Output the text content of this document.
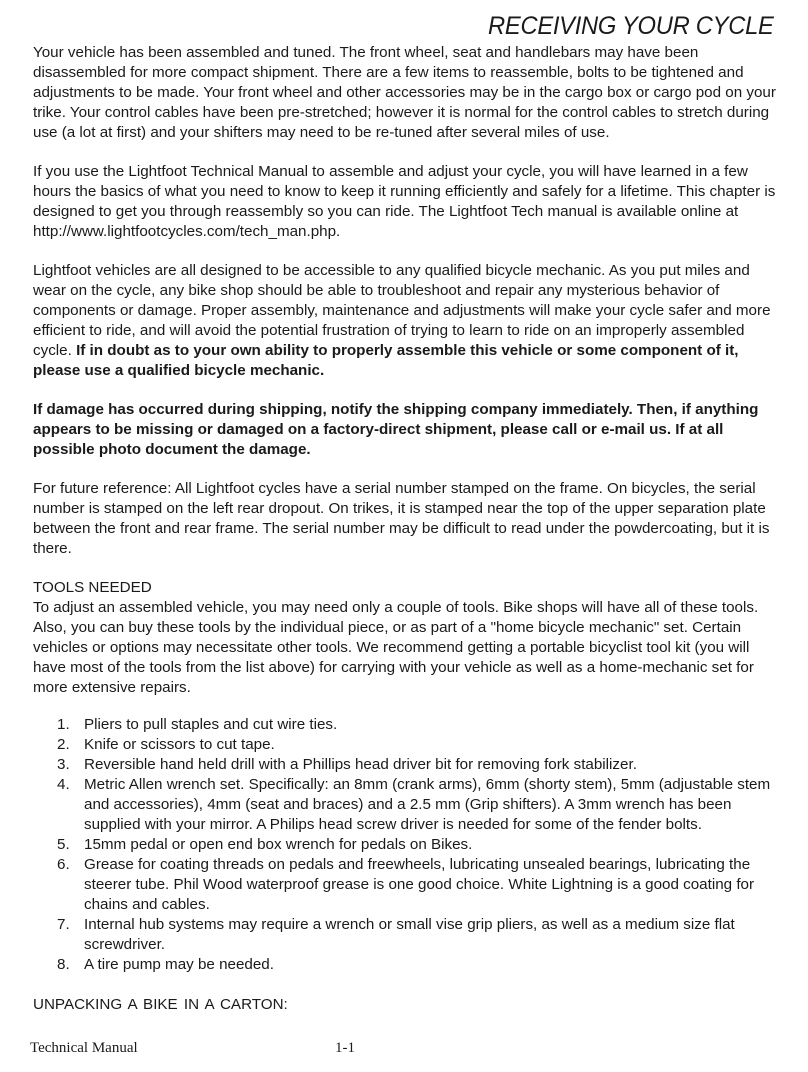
RECEIVING YOUR CYCLE

Your vehicle has been assembled and tuned. The front wheel, seat and handlebars may have been disassembled for more compact shipment. There are a few items to reassemble, bolts to be tightened and adjustments to be made. Your front wheel and other accessories may be in the cargo box or cargo pod on your trike. Your control cables have been pre-stretched; however it is normal for the control cables to stretch during use (a lot at first) and your shifters may need to be re-tuned after several miles of use.

If you use the Lightfoot Technical Manual to assemble and adjust your cycle, you will have learned in a few hours the basics of what you need to know to keep it running efficiently and safely for a lifetime. This chapter is designed to get you through reassembly so you can ride. The Lightfoot Tech manual is available online at http://www.lightfootcycles.com/tech_man.php.

Lightfoot vehicles are all designed to be accessible to any qualified bicycle mechanic. As you put miles and wear on the cycle, any bike shop should be able to troubleshoot and repair any mysterious behavior of components or damage. Proper assembly, maintenance and adjustments will make your cycle safer and more efficient to ride, and will avoid the potential frustration of trying to learn to ride on an improperly assembled cycle. If in doubt as to your own ability to properly assemble this vehicle or some component of it, please use a qualified bicycle mechanic.

If damage has occurred during shipping, notify the shipping company immediately. Then, if anything appears to be missing or damaged on a factory-direct shipment, please call or e-mail us. If at all possible photo document the damage.

For future reference: All Lightfoot cycles have a serial number stamped on the frame. On bicycles, the serial number is stamped on the left rear dropout. On trikes, it is stamped near the top of the upper separation plate between the front and rear frame. The serial number may be difficult to read under the powdercoating, but it is there.

TOOLS NEEDED
To adjust an assembled vehicle, you may need only a couple of tools. Bike shops will have all of these tools. Also, you can buy these tools by the individual piece, or as part of a "home bicycle mechanic" set. Certain vehicles or options may necessitate other tools. We recommend getting a portable bicyclist tool kit (you will have most of the tools from the list above) for carrying with your vehicle as well as a home-mechanic set for more extensive repairs.
1. Pliers to pull staples and cut wire ties.
2. Knife or scissors to cut tape.
3. Reversible hand held drill with a Phillips head driver bit for removing fork stabilizer.
4. Metric Allen wrench set. Specifically: an 8mm (crank arms), 6mm (shorty stem), 5mm (adjustable stem and accessories), 4mm (seat and braces) and a 2.5 mm (Grip shifters). A 3mm wrench has been supplied with your mirror. A Philips head screw driver is needed for some of the fender bolts.
5. 15mm pedal or open end box wrench for pedals on Bikes.
6. Grease for coating threads on pedals and freewheels, lubricating unsealed bearings, lubricating the steerer tube. Phil Wood waterproof grease is one good choice. White Lightning is a good coating for chains and cables.
7. Internal hub systems may require a wrench or small vise grip pliers, as well as a medium size flat screwdriver.
8. A tire pump may be needed.
UNPACKING A BIKE IN A CARTON:
Technical Manual	1-1
